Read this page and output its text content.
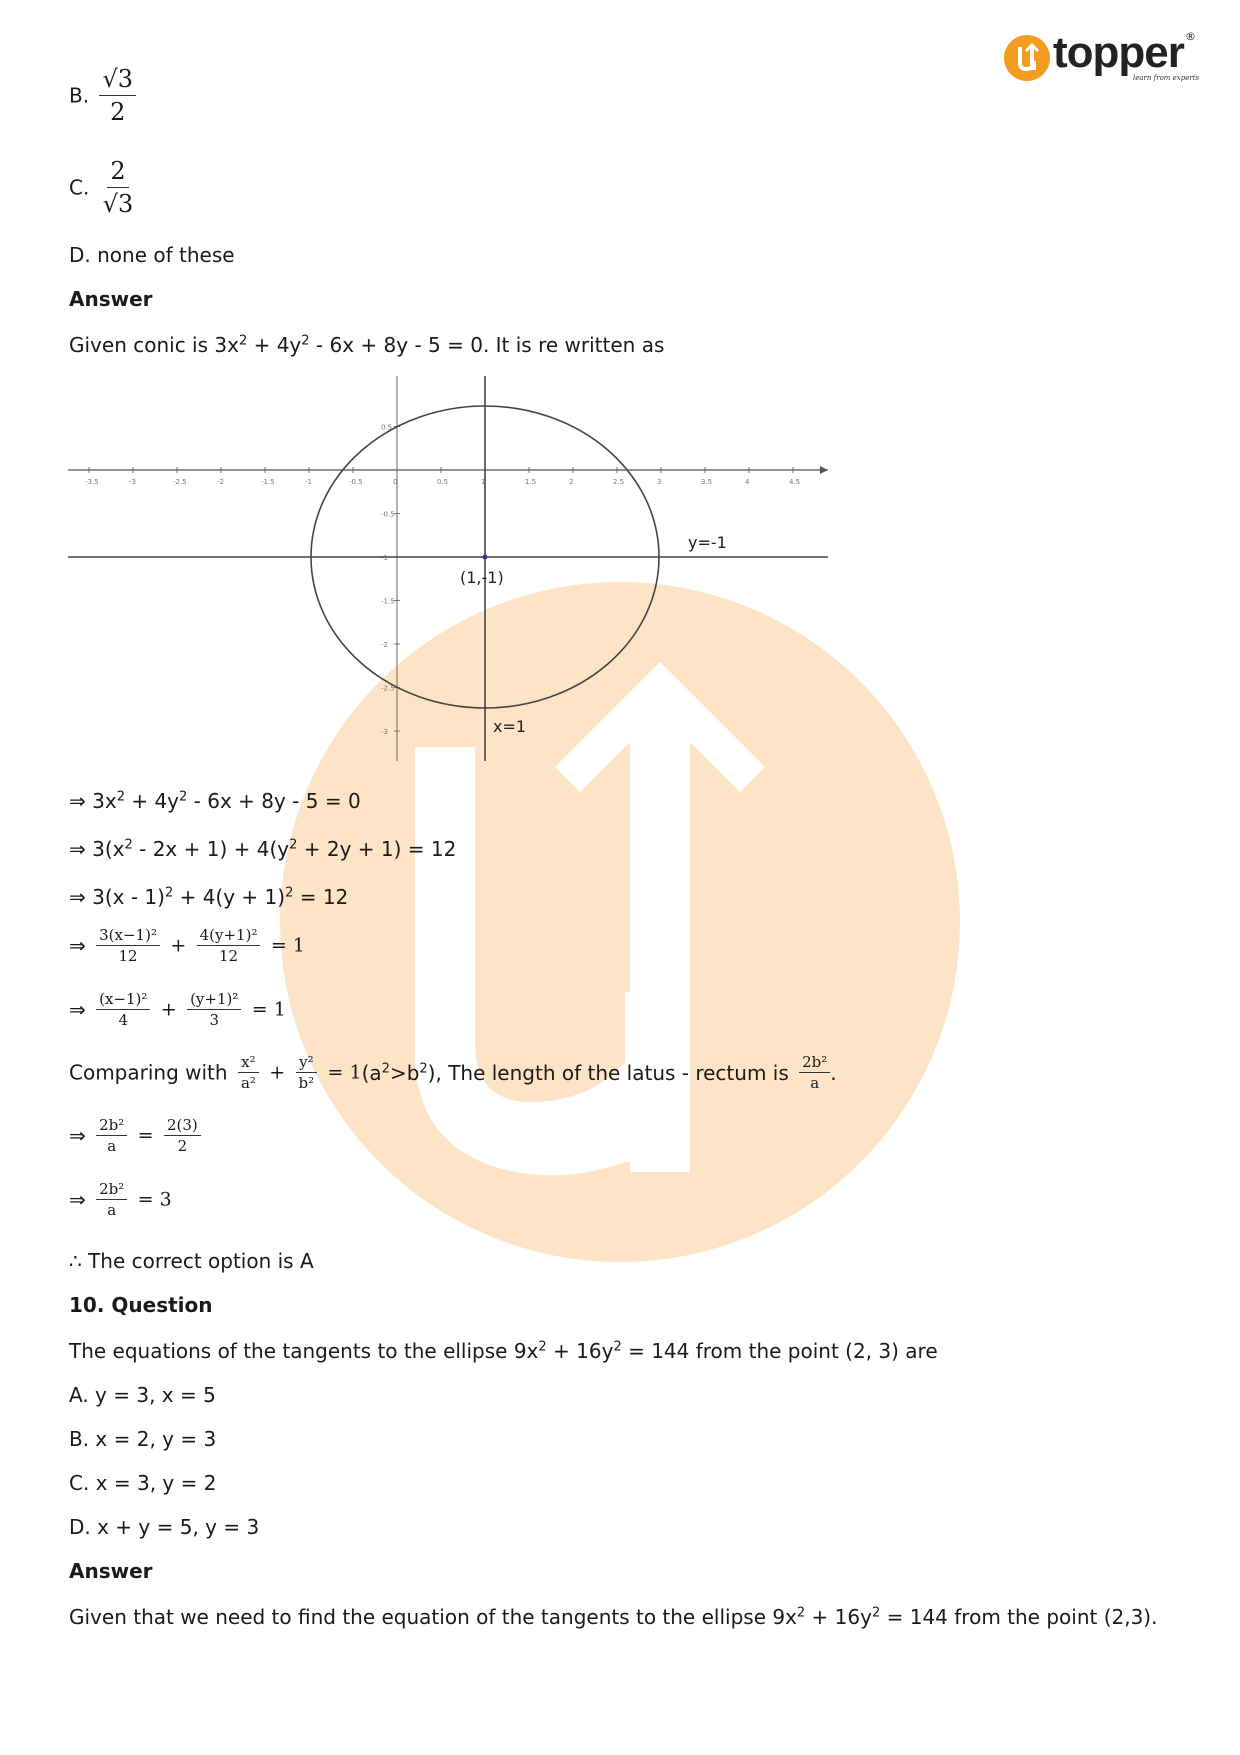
topper ®
learn from experts
B. $\frac{√3}{2}$
C. $\frac{2}{√3}$
D. none of these
Answer
Given conic is $3x^2 + 4y^2 - 6x + 8y - 5 = 0$. It is re written as
-3.5	-3	-2.5	-2	-1.5	-1	-0.5	0	0.5	1	1.5	2	2.5	3	3.5	4	4.5
0.5
-0.5
-1
-1.5
-2
-2.5
-3
(1,-1)
y=-1
x=1
⇒ $3x^2 + 4y^2 - 6x + 8y - 5 = 0$
⇒ $3(x^2 - 2x + 1) + 4(y^2 + 2y + 1) = 12$
⇒ $3(x - 1)^2 + 4(y + 1)^2 = 12$
⇒ $\frac{\text{3(x−1)²}}{12} + \frac{\text{4(y+1)²}}{12} = 1$
⇒ $\frac{\text{(x−1)²}}{4} + \frac{\text{(y+1)²}}{3} = 1$
Comparing with $\frac{\text{x²}}{\text{a²}} + \frac{\text{y²}}{\text{b²}} = 1(a^2>b^2)$, The length of the latus - rectum is $\frac{\text{2b²}}{a}$ .
⇒ $\frac{\text{2b²}}{a} = \frac{2(3)}{2}$
⇒ $\frac{\text{2b²}}{a} = 3$
∴ The correct option is A
10. Question
The equations of the tangents to the ellipse $9x^2 + 16y^2 = 144$ from the point (2, 3) are
A. y = 3, x = 5
B. x = 2, y = 3
C. x = 3, y = 2
D. x + y = 5, y = 3
Answer
Given that we need to find the equation of the tangents to the ellipse $9x^2 + 16y^2 = 144$ from the point (2,3).
